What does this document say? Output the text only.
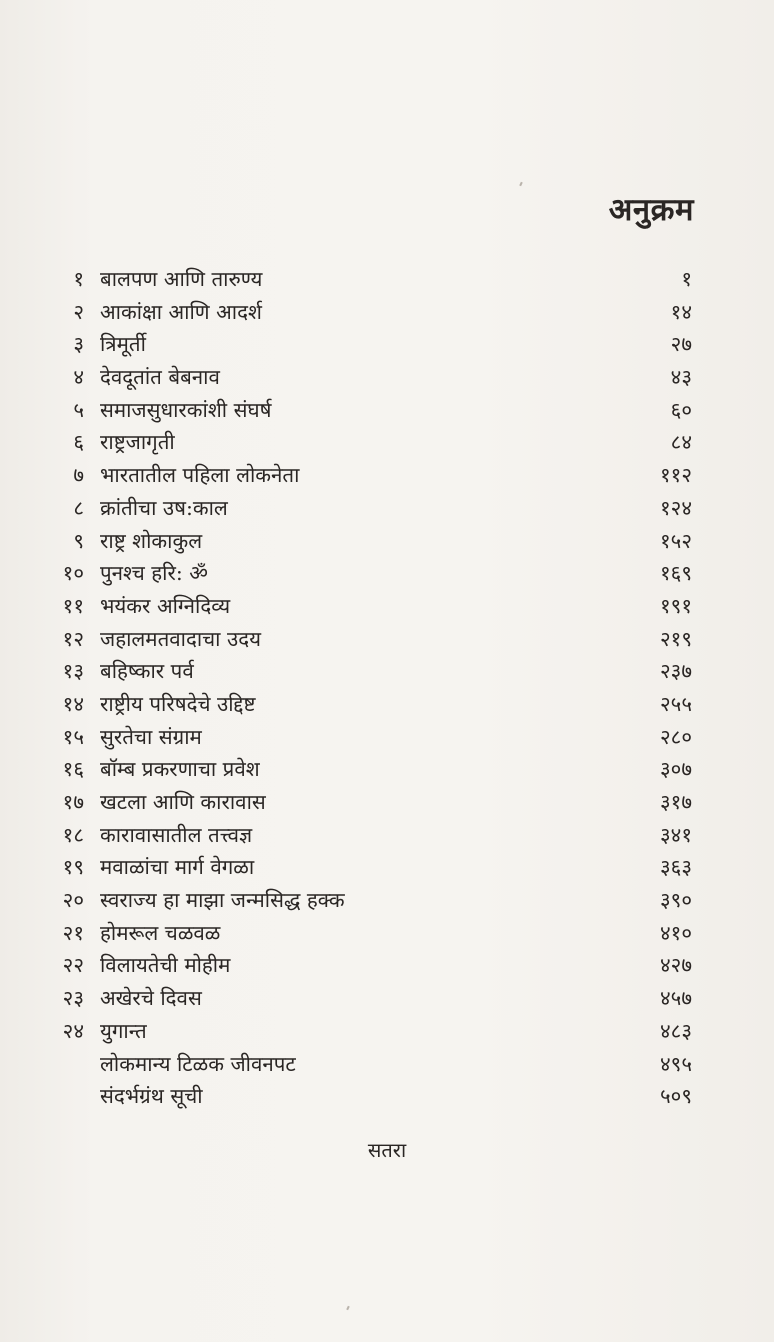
अनुक्रम
१ बालपण आणि तारुण्य	१
२ आकांक्षा आणि आदर्श	१४
३ त्रिमूर्ती	२७
४ देवदूतांत बेबनाव	४३
५ समाजसुधारकांशी संघर्ष	६०
६ राष्ट्रजागृती	८४
७ भारतातील पहिला लोकनेता	११२
८ क्रांतीचा उष:काल	१२४
९ राष्ट्र शोकाकुल	१५२
१० पुनश्च हरि: ॐ	१६९
११ भयंकर अग्निदिव्य	१९१
१२ जहालमतवादाचा उदय	२१९
१३ बहिष्कार पर्व	२३७
१४ राष्ट्रीय परिषदेचे उद्दिष्ट	२५५
१५ सुरतेचा संग्राम	२८०
१६ बॉम्ब प्रकरणाचा प्रवेश	३०७
१७ खटला आणि कारावास	३१७
१८ कारावासातील तत्त्वज्ञ	३४१
१९ मवाळांचा मार्ग वेगळा	३६३
२० स्वराज्य हा माझा जन्मसिद्ध हक्क	३९०
२१ होमरूल चळवळ	४१०
२२ विलायतेची मोहीम	४२७
२३ अखेरचे दिवस	४५७
२४ युगान्त	४८३
लोकमान्य टिळक जीवनपट	४९५
संदर्भग्रंथ सूची	५०९
सतरा
